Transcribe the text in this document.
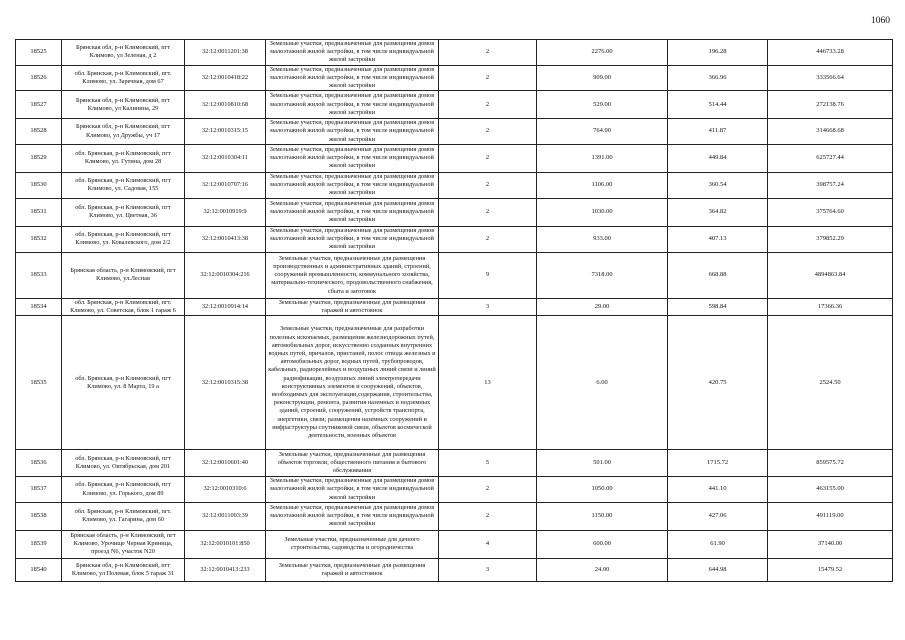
1060
18525	Брянская обл, р-н Климовский, пгт Климово, ул Зеленая, д 2	32:12:0011201:38	Земельные участки, предназначенные для размещения домов малоэтажной жилой застройки, в том числе индивидуальной жилой застройки	2	2276.00	196.28	446733.28
18526	обл. Брянская, р-н Климовский, пгт. Климово, ул. Заречная, дом 67	32:12:0010418:22	Земельные участки, предназначенные для размещения домов малоэтажной жилой застройки, в том числе индивидуальной жилой застройки	2	909.00	366.96	333566.64
18527	Брянская обл, р-н Климовский, пгт Климово, ул Калинина, 29	32:12:0010810:68	Земельные участки, предназначенные для размещения домов малоэтажной жилой застройки, в том числе индивидуальной жилой застройки	2	529.00	514.44	272138.76
18528	Брянская обл, р-н Климовский, пгт Климово, ул Дружбы, уч 17	32:12:0010315:15	Земельные участки, предназначенные для размещения домов малоэтажной жилой застройки, в том числе индивидуальной жилой застройки	2	764.00	411.87	314668.68
18529	обл. Брянская, р-н Климовский, пгт Климово, ул. Гутина, дом 28	32:12:0010304:11	Земельные участки, предназначенные для размещения домов малоэтажной жилой застройки, в том числе индивидуальной жилой застройки	2	1391.00	449.84	625727.44
18530	обл. Брянская, р-н Климовский, пгт Климово, ул. Садовая, 155	32:12:0010707:16	Земельные участки, предназначенные для размещения домов малоэтажной жилой застройки, в том числе индивидуальной жилой застройки	2	1106.00	360.54	398757.24
18531	обл. Брянская, р-н Климовский, пгт Климово, ул. Цветная, 36	32:12:0010919:9	Земельные участки, предназначенные для размещения домов малоэтажной жилой застройки, в том числе индивидуальной жилой застройки	2	1030.00	364.82	375764.60
18532	обл. Брянская, р-н Климовский, пгт Климово, ул. Ковалевского, дом 2/2	32:12:0010413:38	Земельные участки, предназначенные для размещения домов малоэтажной жилой застройки, в том числе индивидуальной жилой застройки	2	933.00	407.13	379852.29
18533	Брянская область, р-н Климовский, пгт Климово, ул.Лесная	32:12:0010304:216	Земельные участки, предназначенные для размещения производственных и административных зданий, строений, сооружений промышленности, коммунального хозяйства, материально-технического, продовольственного снабжения, сбыта и заготовок	9	7318.00	668.88	4894863.84
18534	обл. Брянская, р-н Климовский, пгт. Климово, ул. Советская, блок 1 гараж 6	32:12:0010914:14	Земельные участки, предназначенные для размещения гаражей и автостоянок	3	29.00	598.84	17366.36
18535	обл. Брянская, р-н Климовский, пгт Климово, ул. 8 Марта, 19 а	32:12:0010315:38	Земельные участки, предназначенные для разработки полезных ископаемых, размещения железнодорожных путей, автомобильных дорог, искусственно созданных внутренних водных путей, причалов, пристаней, полос отвода железных и автомобильных дорог, водных путей, трубопроводов, кабельных, радиорелейных и воздушных линий связи и линий радиофикации, воздушных линий электропередачи конструктивных элементов и сооружений, объектов, необходимых для эксплуатации,содержания, строительства, реконструкции, ремонта, развития наземных и подземных зданий, строений, сооружений, устройств транспорта, энергетики, связи; размещения наземных сооружений и инфраструктуры спутниковой связи, объектов космической деятельности, военных объектов	13	6.00	420.75	2524.50
18536	обл. Брянская, р-н Климовский, пгт Климово, ул. Октябрьская, дом 201	32:12:0010601:40	Земельные участки, предназначенные для размещения объектов торговли, общественного питания и бытового обслуживания	5	501.00	1715.72	859575.72
18537	обл. Брянская, р-н Климовский, пгт Климово, ул. Горького, дом 89	32:12:0010310:6	Земельные участки, предназначенные для размещения домов малоэтажной жилой застройки, в том числе индивидуальной жилой застройки	2	1050.00	441.10	463155.00
18538	обл. Брянская, р-н Климовский, пгт. Климово, ул. Гагарина, дом 60	32:12:0011003:39	Земельные участки, предназначенные для размещения домов малоэтажной жилой застройки, в том числе индивидуальной жилой застройки	2	1150.00	427.06	491119.00
18539	Брянская область, р-н Климовский, пгт Климово, Урочище Черная Криница, проезд N6, участок N20	32:12:0010101:850	Земельные участки, предназначенные для дачного строительства, садоводства и огородничества	4	600.00	61.90	37140.00
18540	Брянская обл, р-н Климовский, пгт Климово, ул Полевая, блок 5 гараж 31	32:12:0010413:233	Земельные участки, предназначенные для размещения гаражей и автостоянок	3	24.00	644.98	15479.52
